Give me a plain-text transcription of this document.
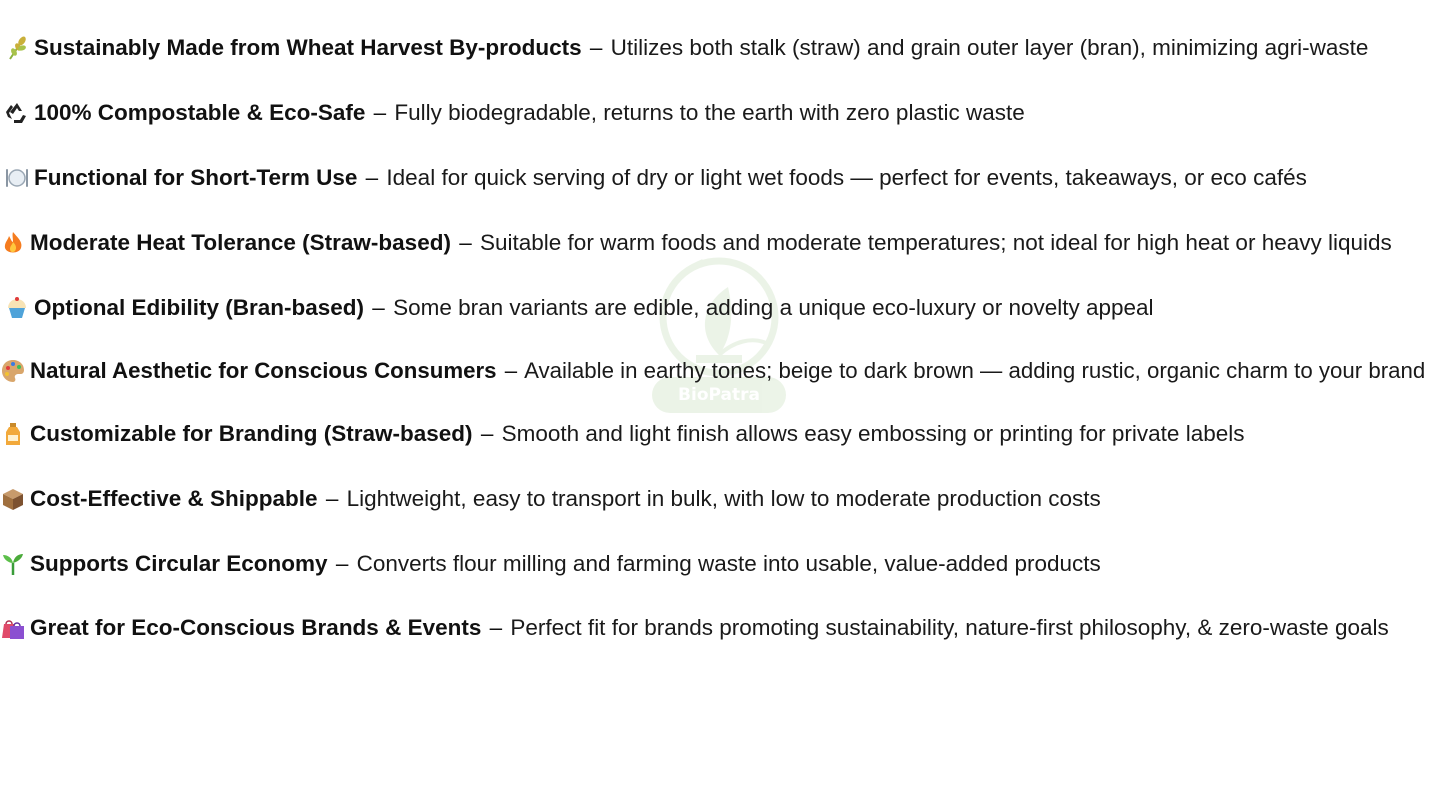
BioPatra
Sustainably Made from Wheat Harvest By-products – Utilizes both stalk (straw) and grain outer layer (bran), minimizing agri-waste
100% Compostable & Eco-Safe – Fully biodegradable, returns to the earth with zero plastic waste
Functional for Short-Term Use – Ideal for quick serving of dry or light wet foods — perfect for events, takeaways, or eco cafés
Moderate Heat Tolerance (Straw-based) – Suitable for warm foods and moderate temperatures; not ideal for high heat or heavy liquids
Optional Edibility (Bran-based) – Some bran variants are edible, adding a unique eco-luxury or novelty appeal
Natural Aesthetic for Conscious Consumers – Available in earthy tones; beige to dark brown — adding rustic, organic charm to your brand
Customizable for Branding (Straw-based) – Smooth and light finish allows easy embossing or printing for private labels
Cost-Effective & Shippable – Lightweight, easy to transport in bulk, with low to moderate production costs
Supports Circular Economy – Converts flour milling and farming waste into usable, value-added products
Great for Eco-Conscious Brands & Events – Perfect fit for brands promoting sustainability, nature-first philosophy, & zero-waste goals
